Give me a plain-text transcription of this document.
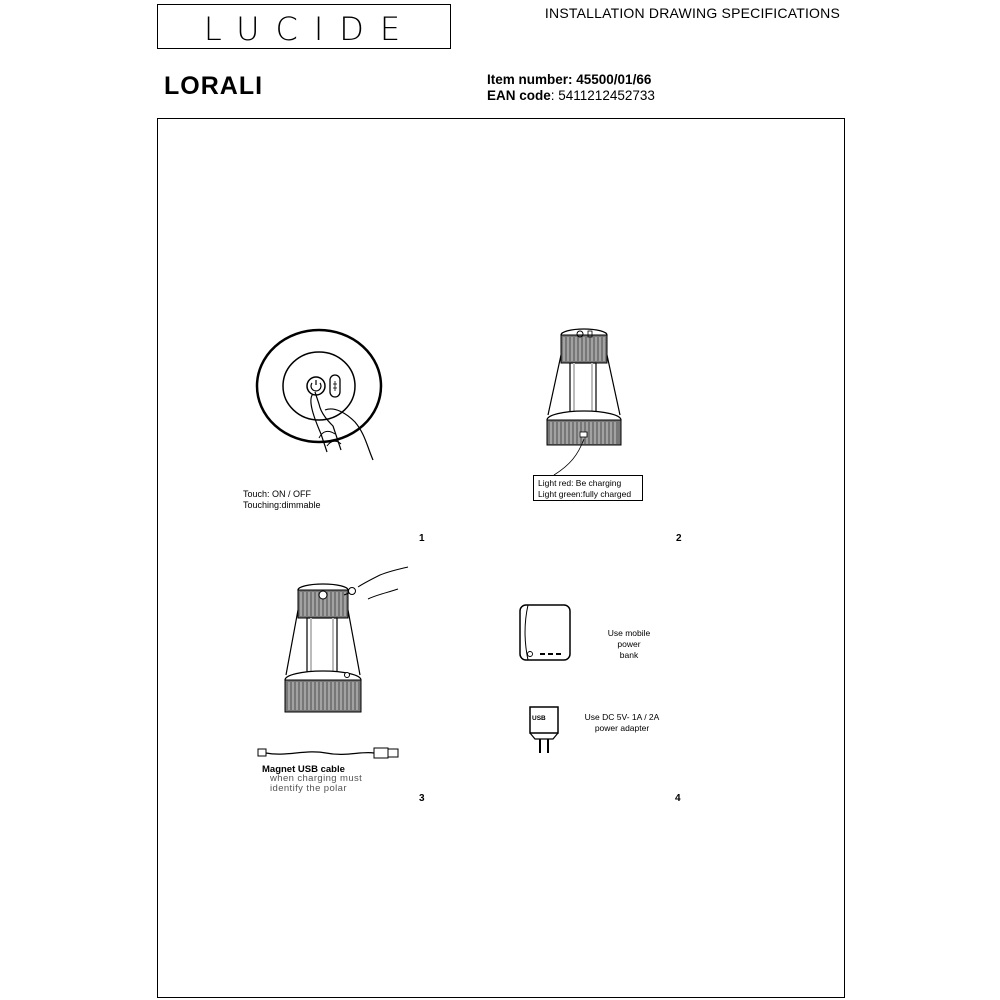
LUCIDE	INSTALLATION DRAWING SPECIFICATIONS
LORALI	Item number: 45500/01/66
EAN code: 5411212452733
Touch: ON / OFF
Touching:dimmable
1
Light red: Be charging
Light green:fully charged
2
Magnet USB cable
when charging must
identify the polar
3
Use mobile power
bank
USB	Use DC 5V- 1A / 2A
power adapter
4
